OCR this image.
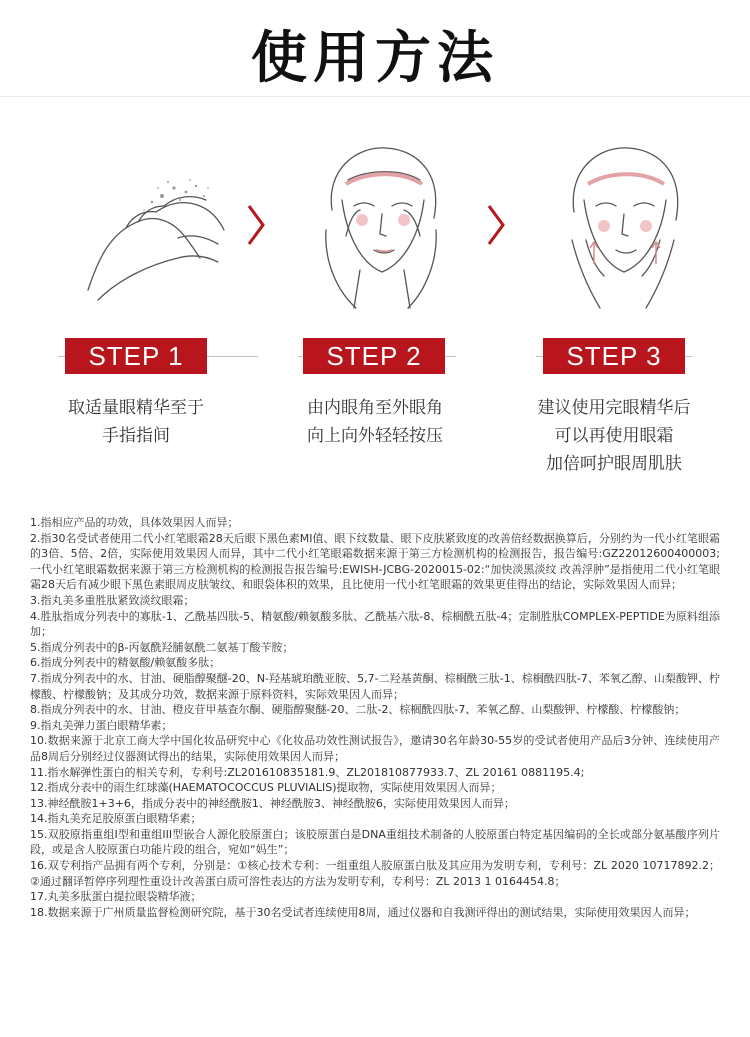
使用方法
STEP 1	STEP 2	STEP 3
取适量眼精华至于
手指指间
由内眼角至外眼角
向上向外轻轻按压
建议使用完眼精华后
可以再使用眼霜
加倍呵护眼周肌肤

1.指相应产品的功效，具体效果因人而异；

2.指30名受试者使用二代小红笔眼霜28天后眼下黑色素MI值、眼下纹数量、眼下皮肤紧致度的改善倍经数据换算后，分别约为一代小红笔眼霜的3倍、5倍、2倍，实际使用效果因人而异，其中二代小红笔眼霜数据来源于第三方检测机构的检测报告，报告编号:GZ22012600400003;一代小红笔眼霜数据来源于第三方检测机构的检测报告报告编号:EWISH-JCBG-2020015-02:“加快淡黑淡纹 改善浮肿”是指使用二代小红笔眼霜28天后有减少眼下黑色素眼周皮肤皱纹、和眼袋体积的效果，且比使用一代小红笔眼霜的效果更佳得出的结论，实际效果因人而异；

3.指丸美多重胜肽紧致淡纹眼霜；

4.胜肽指成分列表中的寡肽-1、乙酰基四肽-5、精氨酸/赖氨酸多肽、乙酰基六肽-8、棕榈酰五肽-4；定制胜肽COMPLEX-PEPTIDE为原料组添加；

5.指成分列表中的β-丙氨酰羟脯氨酰二氨基丁酸苄胺；

6.指成分列表中的精氨酸/赖氨酸多肽；

7.指成分列表中的水、甘油、硬脂醇聚醚-20、N-羟基琥珀酰亚胺、5,7-二羟基黄酮、棕榈酰三肽-1、棕榈酰四肽-7、苯氧乙醇、山梨酸钾、柠檬酸、柠檬酸钠；及其成分功效，数据来源于原料资料，实际效果因人而异；

8.指成分列表中的水、甘油、橙皮苷甲基查尔酮、硬脂醇聚醚-20、二肽-2、棕榈酰四肽-7、苯氧乙醇、山梨酸钾、柠檬酸、柠檬酸钠；

9.指丸美弹力蛋白眼精华素；

10.数据来源于北京工商大学中国化妆品研究中心《化妆品功效性测试报告》，邀请30名年龄30-55岁的受试者使用产品后3分钟、连续使用产品8周后分别经过仪器测试得出的结果，实际使用效果因人而异；

11.指水解弹性蛋白的相关专利，专利号:ZL201610835181.9、ZL201810877933.7、ZL 20161 0881195.4;

12.指成分表中的雨生红球藻(HAEMATOCOCCUS PLUVIALIS)提取物，实际使用效果因人而异；

13.神经酰胺1+3+6，指成分表中的神经酰胺1、神经酰胺3、神经酰胺6，实际使用效果因人而异；

14.指丸美充足胶原蛋白眼精华素；

15.双胶原指重组Ⅰ型和重组III型嵌合人源化胶原蛋白；该胶原蛋白是DNA重组技术制备的人胶原蛋白特定基因编码的全长或部分氨基酸序列片段，或是含人胶原蛋白功能片段的组合，宛如“妈生”；

16.双专利指产品拥有两个专利，分别是：①核心技术专利：一组重组人胶原蛋白肽及其应用为发明专利，专利号：ZL 2020 10717892.2；②通过翻译暂停序列理性重设计改善蛋白质可溶性表达的方法为发明专利，专利号：ZL 2013 1 0164454.8；

17.丸美多肽蛋白提拉眼袋精华液；

18.数据来源于广州质量监督检测研究院，基于30名受试者连续使用8周，通过仪器和自我测评得出的测试结果，实际使用效果因人而异；
